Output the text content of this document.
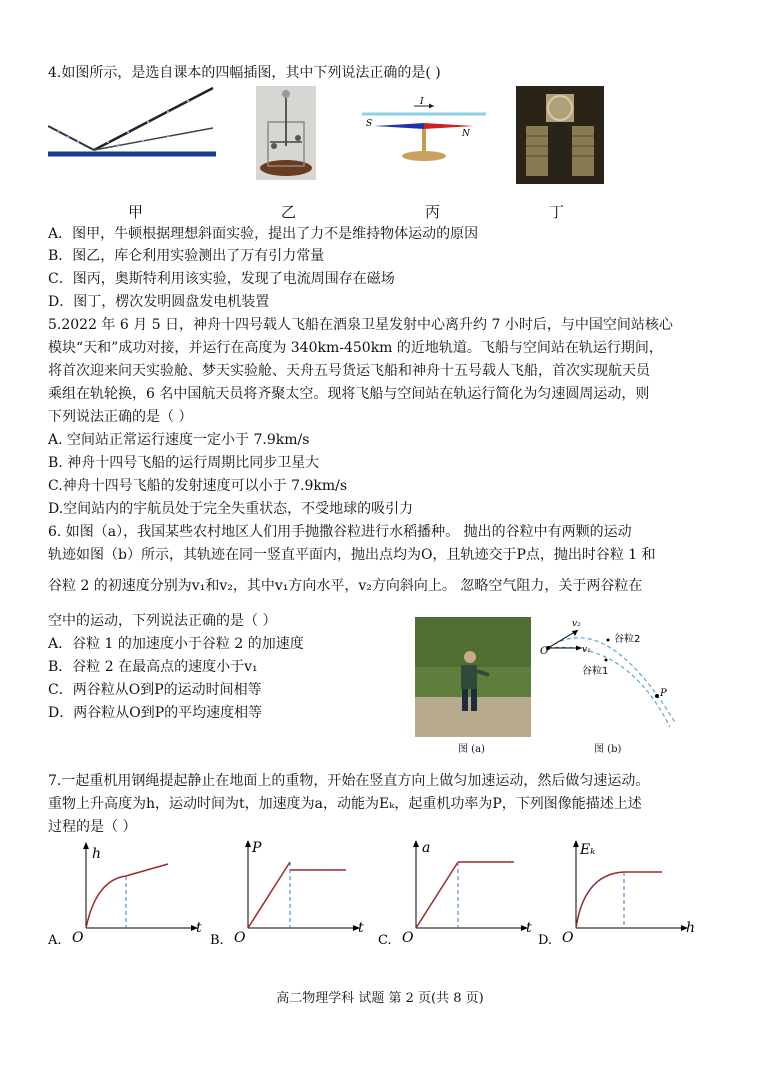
4.如图所示，是选自课本的四幅插图，其中下列说法正确的是( )
I
S
N
甲	乙	丙	丁
A．图甲，牛顿根据理想斜面实验，提出了力不是维持物体运动的原因
B．图乙，库仑利用实验测出了万有引力常量
C．图丙，奥斯特利用该实验，发现了电流周围存在磁场
D．图丁，楞次发明圆盘发电机装置
5.2022 年 6 月 5 日，神舟十四号载人飞船在酒泉卫星发射中心离升约 7 小时后，与中国空间站核心
模块“天和”成功对接，并运行在高度为 340km-450km 的近地轨道。飞船与空间站在轨运行期间，
将首次迎来问天实验舱、梦天实验舱、天舟五号货运飞船和神舟十五号载人飞船，首次实现航天员
乘组在轨轮换，6 名中国航天员将齐聚太空。现将飞船与空间站在轨运行简化为匀速圆周运动，则
下列说法正确的是（ ）
A. 空间站正常运行速度一定小于 7.9km/s
B. 神舟十四号飞船的运行周期比同步卫星大
C.神舟十四号飞船的发射速度可以小于 7.9km/s
D.空间站内的宇航员处于完全失重状态，不受地球的吸引力
6. 如图（a），我国某些农村地区人们用手抛撒谷粒进行水稻播种。 抛出的谷粒中有两颗的运动
轨迹如图（b）所示，其轨迹在同一竖直平面内，抛出点均为O，且轨迹交于P点，抛出时谷粒 1 和
谷粒 2 的初速度分别为v₁和v₂，其中v₁方向水平，v₂方向斜向上。 忽略空气阻力，关于两谷粒在
空中的运动，下列说法正确的是（ ）
A．谷粒 1 的加速度小于谷粒 2 的加速度
B．谷粒 2 在最高点的速度小于v₁
C．两谷粒从O到P的运动时间相等
D．两谷粒从O到P的平均速度相等
图 (a)
O
v₂
v₁
谷粒2
谷粒1
P
图 (b)
7.一起重机用钢绳提起静止在地面上的重物，开始在竖直方向上做匀加速运动，然后做匀速运动。
重物上升高度为h，运动时间为t，加速度为a，动能为Eₖ，起重机功率为P，下列图像能描述上述
过程的是（ ）
h
t
O
A.
P
t
O
B.
a
t
O
C.
Eₖ
h
O
D.
高二物理学科 试题 第 2 页(共 8 页)
